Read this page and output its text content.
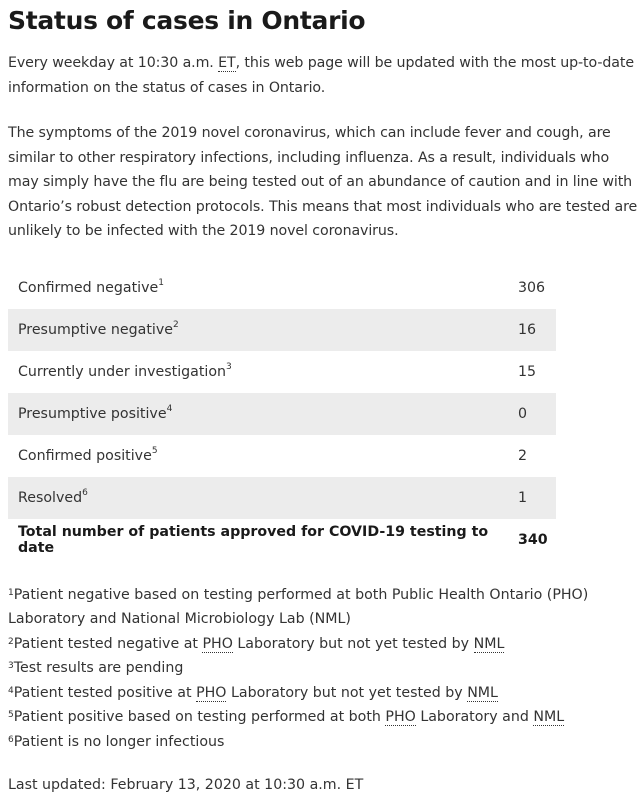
Status of cases in Ontario

Every weekday at 10:30 a.m. ET, this web page will be updated with the most up-to-date information on the status of cases in Ontario.

The symptoms of the 2019 novel coronavirus, which can include fever and cough, are similar to other respiratory infections, including influenza. As a result, individuals who may simply have the flu are being tested out of an abundance of caution and in line with Ontario’s robust detection protocols. This means that most individuals who are tested are unlikely to be infected with the 2019 novel coronavirus.

Confirmed negative$^1$	306
Presumptive negative$^2$	16
Currently under investigation$^3$	15
Presumptive positive$^4$	0
Confirmed positive$^5$	2
Resolved$^6$	1
Total number of patients approved for COVID-19 testing to date	340

$^1$Patient negative based on testing performed at both Public Health Ontario (PHO) Laboratory and National Microbiology Lab (NML)

$^2$Patient tested negative at PHO Laboratory but not yet tested by NML

$^3$Test results are pending

$^4$Patient tested positive at PHO Laboratory but not yet tested by NML

$^5$Patient positive based on testing performed at both PHO Laboratory and NML

$^6$Patient is no longer infectious

Last updated: February 13, 2020 at 10:30 a.m. ET
